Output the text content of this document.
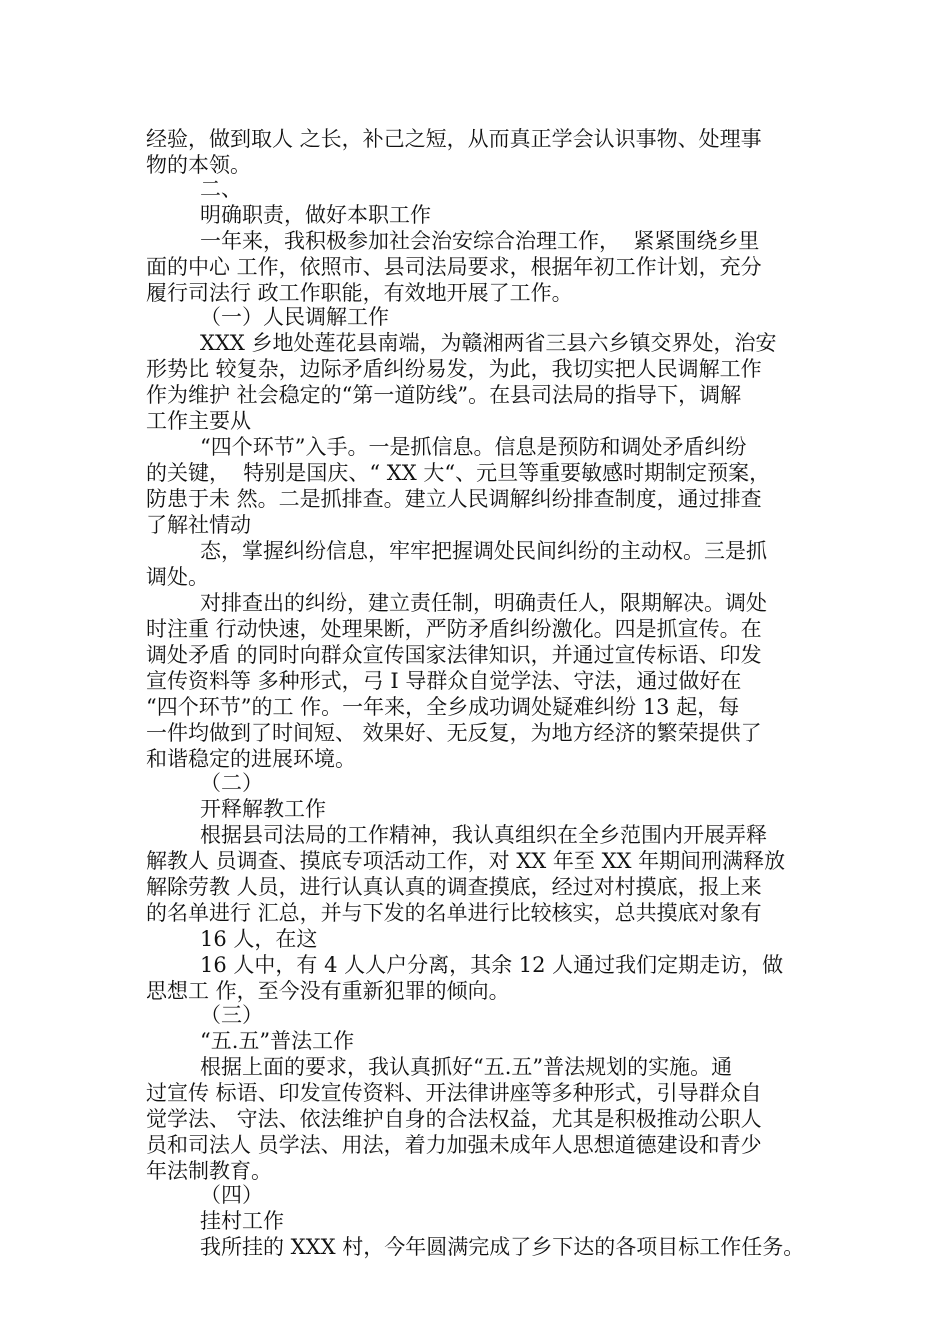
经验，做到取人 之长，补己之短，从而真正学会认识事物、处理事
物的本领。
二、
明确职责，做好本职工作
一年来，我积极参加社会治安综合治理工作，  紧紧围绕乡里
面的中心 工作，依照市、县司法局要求，根据年初工作计划，充分
履行司法行 政工作职能，有效地开展了工作。
（一）人民调解工作
XXX 乡地处莲花县南端，为赣湘两省三县六乡镇交界处，治安
形势比 较复杂，边际矛盾纠纷易发，为此，我切实把人民调解工作
作为维护 社会稳定的“第一道防线”。在县司法局的指导下，调解
工作主要从
“四个环节”入手。一是抓信息。信息是预防和调处矛盾纠纷
的关键，  特别是国庆、“ XX 大“、元旦等重要敏感时期制定预案，
防患于未 然。二是抓排查。建立人民调解纠纷排查制度，通过排查
了解社情动
态，掌握纠纷信息，牢牢把握调处民间纠纷的主动权。三是抓
调处。
对排查出的纠纷，建立责任制，明确责任人，限期解决。调处
时注重 行动快速，处理果断，严防矛盾纠纷激化。四是抓宣传。在
调处矛盾 的同时向群众宣传国家法律知识，并通过宣传标语、印发
宣传资料等 多种形式，弓 I 导群众自觉学法、守法，通过做好在
“四个环节”的工 作。一年来，全乡成功调处疑难纠纷 13 起，每
一件均做到了时间短、 效果好、无反复，为地方经济的繁荣提供了
和谐稳定的进展环境。
（二）
开释解教工作
根据县司法局的工作精神，我认真组织在全乡范围内开展弄释
解教人 员调查、摸底专项活动工作，对 XX 年至 XX 年期间刑满释放
解除劳教 人员，进行认真认真的调查摸底，经过对村摸底，报上来
的名单进行 汇总，并与下发的名单进行比较核实，总共摸底对象有
16 人，在这
16 人中，有 4 人人户分离，其余 12 人通过我们定期走访，做
思想工 作，至今没有重新犯罪的倾向。
（三）
“五.五”普法工作
根据上面的要求，我认真抓好“五.五”普法规划的实施。通
过宣传 标语、印发宣传资料、开法律讲座等多种形式，引导群众自
觉学法、 守法、依法维护自身的合法权益，尤其是积极推动公职人
员和司法人 员学法、用法，着力加强未成年人思想道德建设和青少
年法制教育。
（四）
挂村工作
我所挂的 XXX 村，今年圆满完成了乡下达的各项目标工作任务。
